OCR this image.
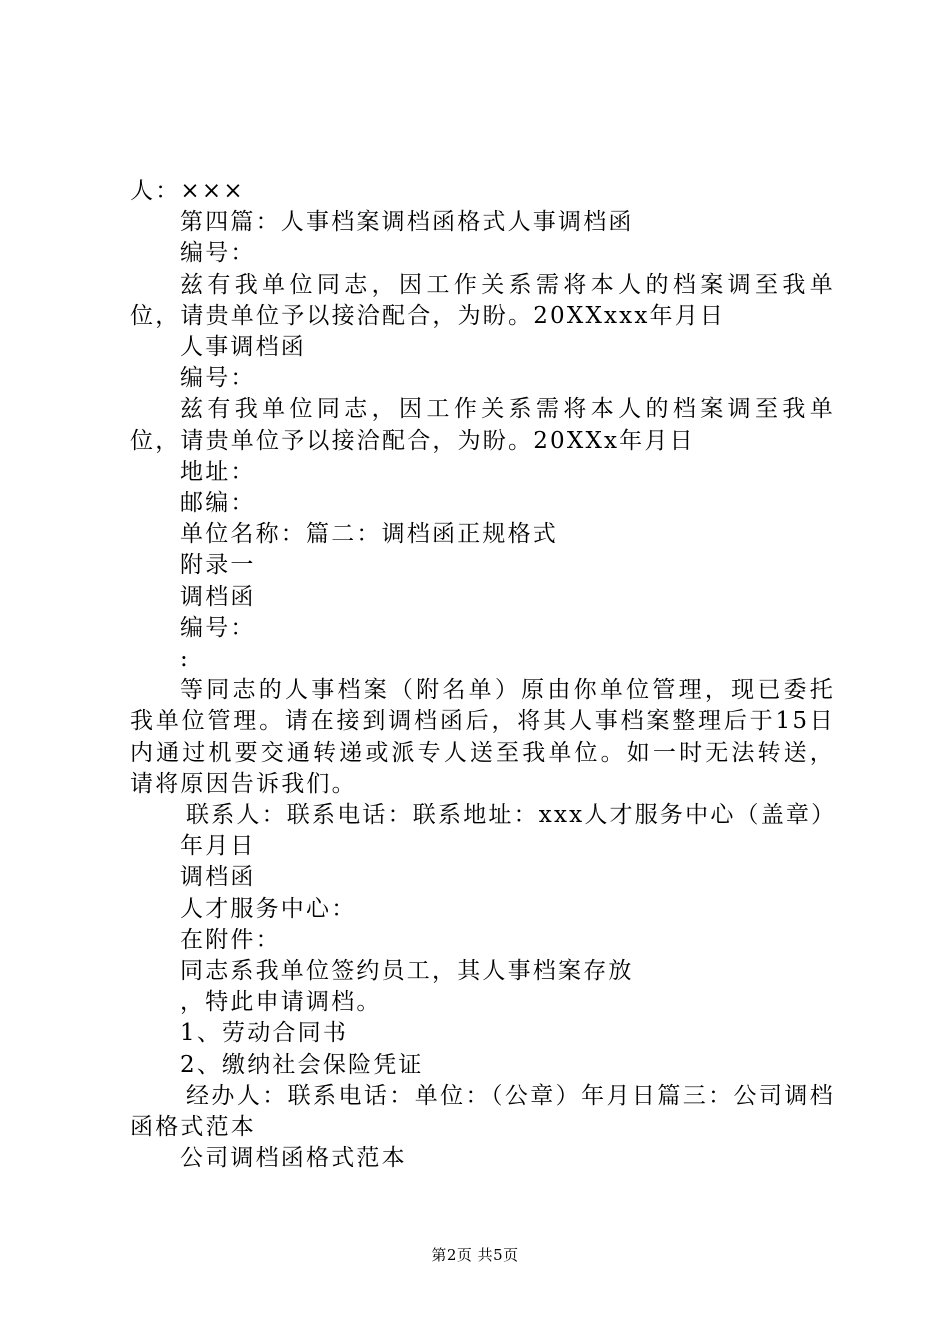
人：×××

第四篇：人事档案调档函格式人事调档函

编号：

兹有我单位同志，因工作关系需将本人的档案调至我单位，请贵单位予以接洽配合，为盼。20XXxxx年月日

人事调档函

编号：

兹有我单位同志，因工作关系需将本人的档案调至我单位，请贵单位予以接洽配合，为盼。20XXx年月日

地址：

邮编：

单位名称：篇二：调档函正规格式

附录一

调档函

编号：

:

等同志的人事档案（附名单）原由你单位管理，现已委托我单位管理。请在接到调档函后，将其人事档案整理后于15日内通过机要交通转递或派专人送至我单位。如一时无法转送，请将原因告诉我们。

联系人：联系电话：联系地址：xxx人才服务中心（盖章）

年月日

调档函

人才服务中心：

在附件：

同志系我单位签约员工，其人事档案存放

，特此申请调档。

1、劳动合同书

2、缴纳社会保险凭证

经办人：联系电话：单位：（公章）年月日篇三：公司调档函格式范本

公司调档函格式范本

第2页 共5页
